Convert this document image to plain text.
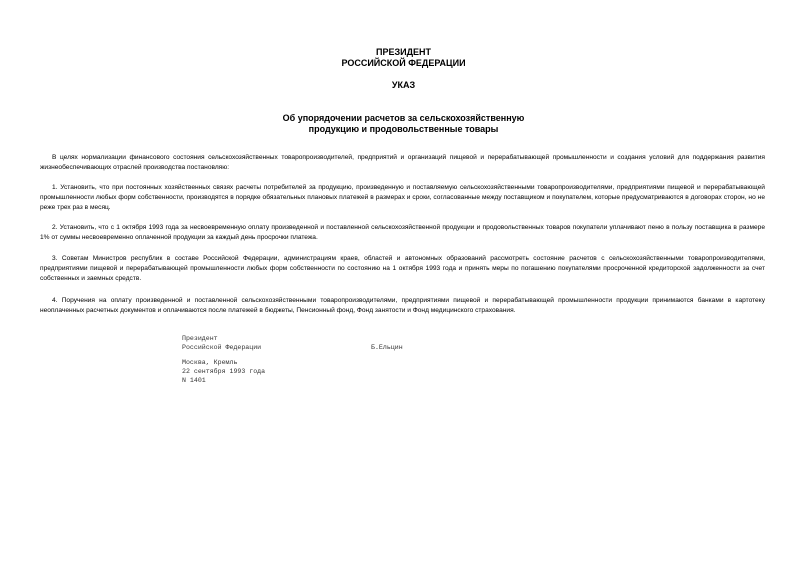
ПРЕЗИДЕНТ
РОССИЙСКОЙ ФЕДЕРАЦИИ
УКАЗ
Об упорядочении расчетов за сельскохозяйственную
продукцию и продовольственные товары

В целях нормализации финансового состояния сельскохозяйственных товаропроизводителей, предприятий и организаций пищевой и перерабатывающей промышленности и создания условий для поддержания развития жизнеобеспечивающих отраслей производства постановляю:

1. Установить, что при постоянных хозяйственных связях расчеты потребителей за продукцию, произведенную и поставляемую сельскохозяйственными товаропроизводителями, предприятиями пищевой и перерабатывающей промышленности любых форм собственности, производятся в порядке обязательных плановых платежей в размерах и сроки, согласованные между поставщиком и покупателем, которые предусматриваются в договорах сторон, но не реже трех раз в месяц.

2. Установить, что с 1 октября 1993 года за несвоевременную оплату произведенной и поставленной сельскохозяйственной продукции и продовольственных товаров покупатели уплачивают пеню в пользу поставщика в размере 1% от суммы несвоевременно оплаченной продукции за каждый день просрочки платежа.

3. Советам Министров республик в составе Российской Федерации, администрациям краев, областей и автономных образований рассмотреть состояние расчетов с сельскохозяйственными товаропроизводителями, предприятиями пищевой и перерабатывающей промышленности любых форм собственности по состоянию на 1 октября 1993 года и принять меры по погашению покупателями просроченной кредиторской задолженности за счет собственных и заемных средств.

4. Поручения на оплату произведенной и поставленной сельскохозяйственными товаропроизводителями, предприятиями пищевой и перерабатывающей промышленности продукции принимаются банками в картотеку неоплаченных расчетных документов и оплачиваются после платежей в бюджеты, Пенсионный фонд, Фонд занятости и Фонд медицинского страхования.

Президент
Российской Федерации	Б.Ельцин
Москва, Кремль
22 сентября 1993 года
N 1401
